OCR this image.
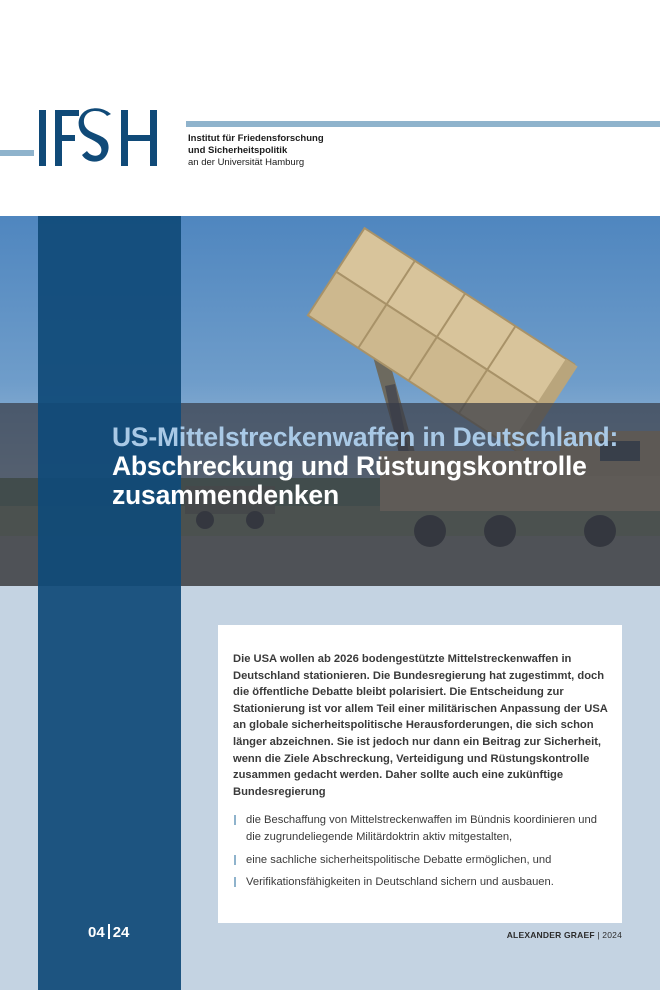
IFSH
Institut für Friedensforschung
und Sicherheitspolitik
an der Universität Hamburg
US-Mittelstreckenwaffen in Deutschland: Abschreckung und Rüstungskontrolle zusammendenken

Die USA wollen ab 2026 bodengestützte Mittelstreckenwaffen in Deutschland stationieren. Die Bundesregierung hat zugestimmt, doch die öffentliche Debatte bleibt polarisiert. Die Entscheidung zur Stationierung ist vor allem Teil einer militärischen Anpassung der USA an globale sicherheitspolitische Herausforderungen, die sich schon länger abzeichnen. Sie ist jedoch nur dann ein Beitrag zur Sicherheit, wenn die Ziele Abschreckung, Verteidigung und Rüstungskontrolle zusammen gedacht werden. Daher sollte auch eine zukünftige Bundesregierung

die Beschaffung von Mittelstreckenwaffen im Bündnis koordinieren und die zugrundeliegende Militärdoktrin aktiv mitgestalten,
eine sachliche sicherheitspolitische Debatte ermöglichen, und
Verifikationsfähigkeiten in Deutschland sichern und ausbauen.
04 24	ALEXANDER GRAEF | 2024
